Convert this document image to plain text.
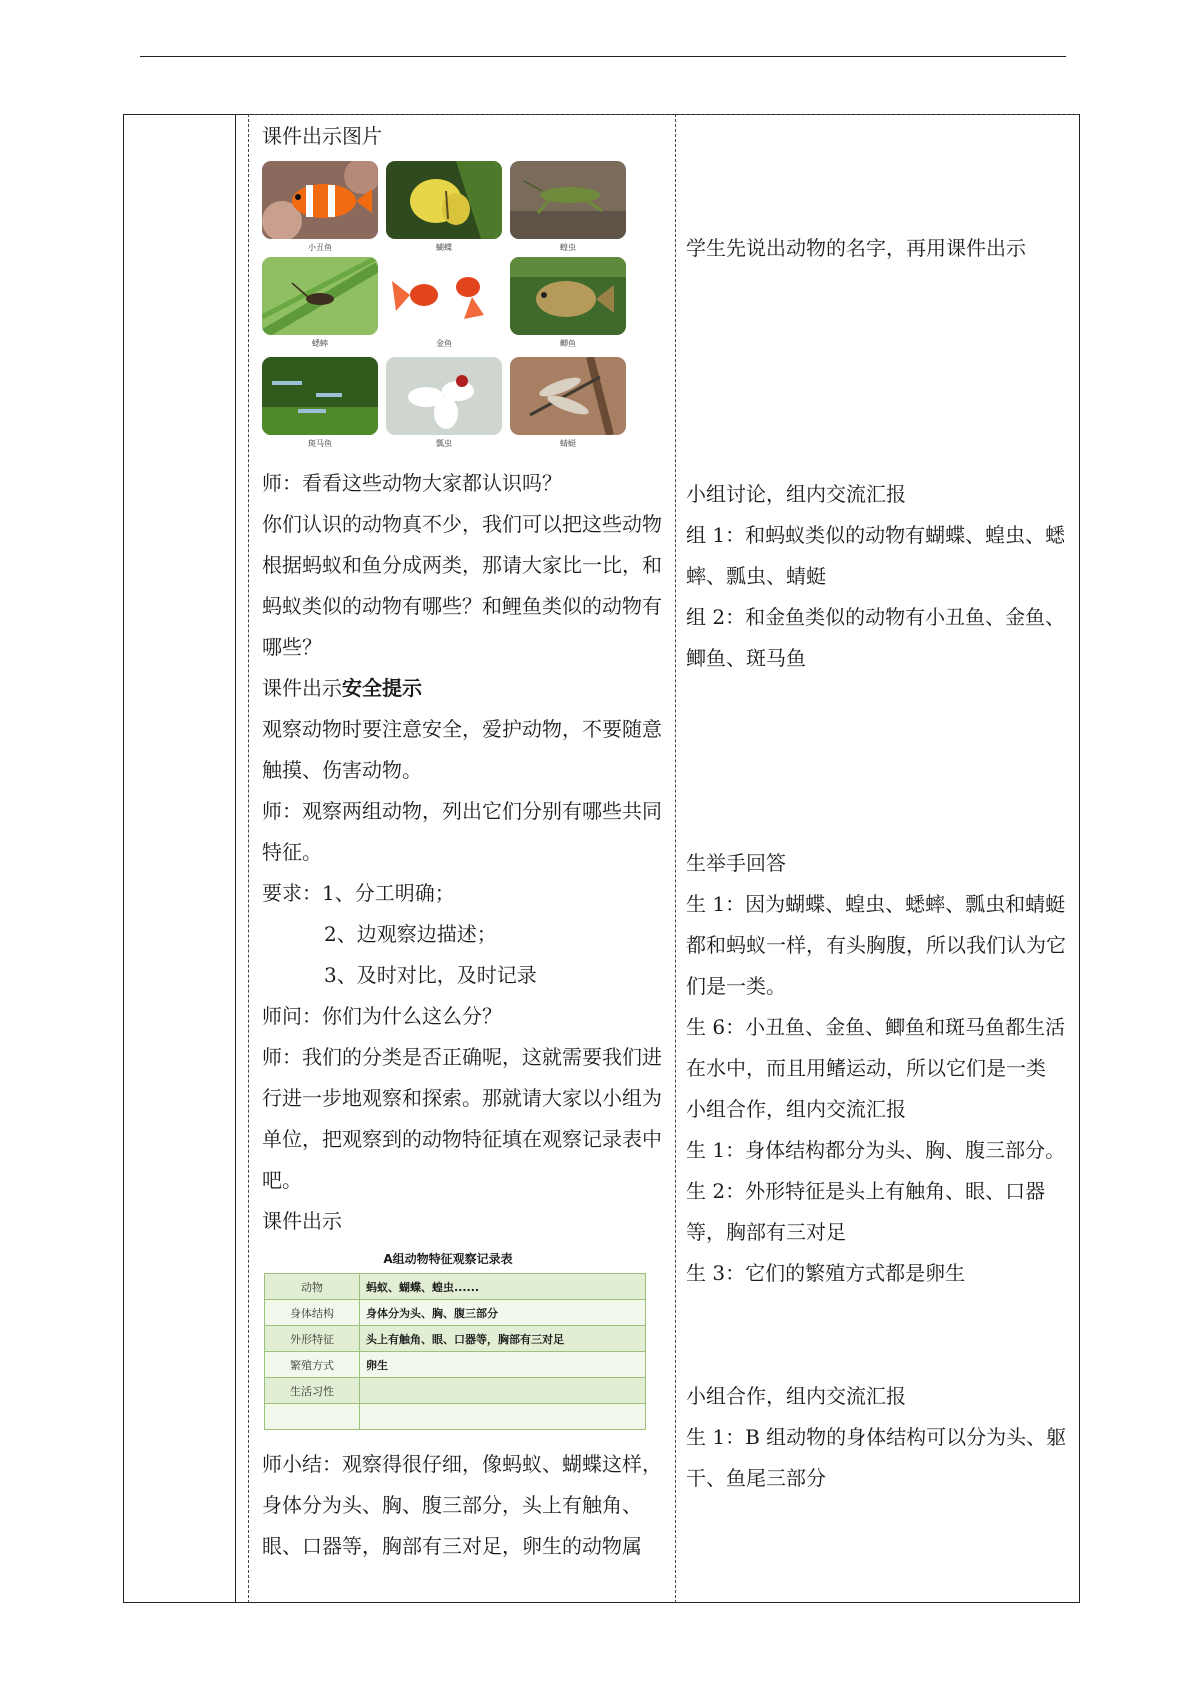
课件出示图片

小丑鱼	蝴蝶	蝗虫
蟋蟀	金鱼	鲫鱼
斑马鱼	瓢虫	蜻蜓

师：看看这些动物大家都认识吗？

你们认识的动物真不少，我们可以把这些动物根据蚂蚁和鱼分成两类，那请大家比一比，和蚂蚁类似的动物有哪些？和鲤鱼类似的动物有哪些？

课件出示安全提示

观察动物时要注意安全，爱护动物，不要随意触摸、伤害动物。

师：观察两组动物，列出它们分别有哪些共同特征。

要求：1、分工明确；

2、边观察边描述；

3、及时对比，及时记录

师问：你们为什么这么分？

师：我们的分类是否正确呢，这就需要我们进行进一步地观察和探索。那就请大家以小组为单位，把观察到的动物特征填在观察记录表中吧。

课件出示

A组动物特征观察记录表
动物	蚂蚁、蝴蝶、蝗虫......
身体结构	身体分为头、胸、腹三部分
外形特征	头上有触角、眼、口器等，胸部有三对足
繁殖方式	卵生
生活习性	

师小结：观察得很仔细，像蚂蚁、蝴蝶这样，身体分为头、胸、腹三部分，头上有触角、眼、口器等，胸部有三对足，卵生的动物属

学生先说出动物的名字，再用课件出示

小组讨论，组内交流汇报

组 1：和蚂蚁类似的动物有蝴蝶、蝗虫、蟋蟀、瓢虫、蜻蜓

组 2：和金鱼类似的动物有小丑鱼、金鱼、鲫鱼、斑马鱼

生举手回答

生 1：因为蝴蝶、蝗虫、蟋蟀、瓢虫和蜻蜓都和蚂蚁一样，有头胸腹，所以我们认为它们是一类。

生 6：小丑鱼、金鱼、鲫鱼和斑马鱼都生活在水中，而且用鳍运动，所以它们是一类

小组合作，组内交流汇报

生 1：身体结构都分为头、胸、腹三部分。

生 2：外形特征是头上有触角、眼、口器等，胸部有三对足

生 3：它们的繁殖方式都是卵生

小组合作，组内交流汇报

生 1：B 组动物的身体结构可以分为头、躯干、鱼尾三部分
